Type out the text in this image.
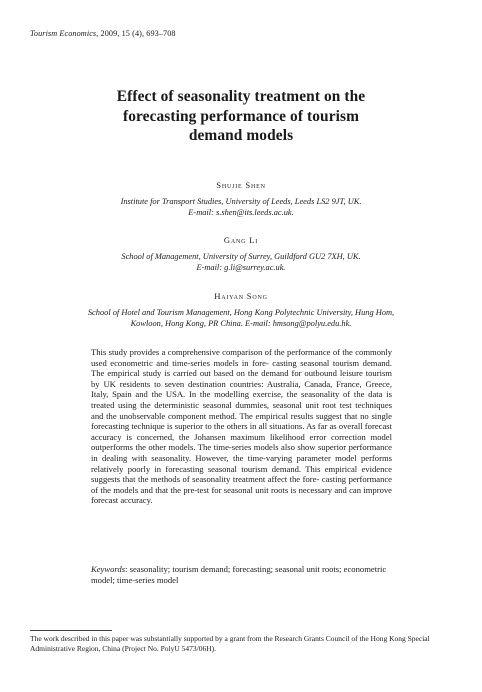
Tourism Economics, 2009, 15 (4), 693–708
Effect of seasonality treatment on the
forecasting performance of tourism
demand models
Shujie Shen
Institute for Transport Studies, University of Leeds, Leeds LS2 9JT, UK.
E-mail: s.shen@its.leeds.ac.uk.
Gang Li
School of Management, University of Surrey, Guildford GU2 7XH, UK.
E-mail: g.li@surrey.ac.uk.
Haiyan Song
School of Hotel and Tourism Management, Hong Kong Polytechnic University, Hung Hom,
Kowloon, Hong Kong, PR China. E-mail: hmsong@polyu.edu.hk.
This study provides a comprehensive comparison of the performance of the commonly used econometric and time-series models in fore- casting seasonal tourism demand. The empirical study is carried out based on the demand for outbound leisure tourism by UK residents to seven destination countries: Australia, Canada, France, Greece, Italy, Spain and the USA. In the modelling exercise, the seasonality of the data is treated using the deterministic seasonal dummies, seasonal unit root test techniques and the unobservable component method. The empirical results suggest that no single forecasting technique is superior to the others in all situations. As far as overall forecast accuracy is concerned, the Johansen maximum likelihood error correction model outperforms the other models. The time-series models also show superior performance in dealing with seasonality. However, the time-varying parameter model performs relatively poorly in forecasting seasonal tourism demand. This empirical evidence suggests that the methods of seasonality treatment affect the fore- casting performance of the models and that the pre-test for seasonal unit roots is necessary and can improve forecast accuracy.
Keywords: seasonality; tourism demand; forecasting; seasonal unit roots; econometric model; time-series model
The work described in this paper was substantially supported by a grant from the Research Grants Council of the Hong Kong Special Administrative Region, China (Project No. PolyU 5473/06H).
